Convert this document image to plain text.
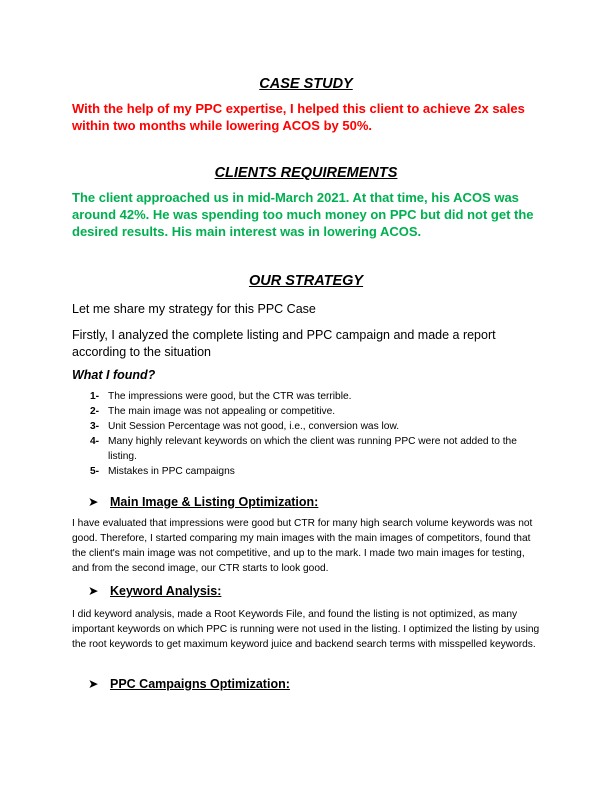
CASE STUDY
With the help of my PPC expertise, I helped this client to achieve 2x sales within two months while lowering ACOS by 50%.
CLIENTS REQUIREMENTS
The client approached us in mid-March 2021. At that time, his ACOS was around 42%. He was spending too much money on PPC but did not get the desired results. His main interest was in lowering ACOS.
OUR STRATEGY
Let me share my strategy for this PPC Case
Firstly, I analyzed the complete listing and PPC campaign and made a report according to the situation
What I found?
1- The impressions were good, but the CTR was terrible.
2- The main image was not appealing or competitive.
3- Unit Session Percentage was not good, i.e., conversion was low.
4- Many highly relevant keywords on which the client was running PPC were not added to the listing.
5- Mistakes in PPC campaigns
➤ Main Image & Listing Optimization:
I have evaluated that impressions were good but CTR for many high search volume keywords was not good. Therefore, I started comparing my main images with the main images of competitors, found that the client's main image was not competitive, and up to the mark. I made two main images for testing, and from the second image, our CTR starts to look good.
➤ Keyword Analysis:
I did keyword analysis, made a Root Keywords File, and found the listing is not optimized, as many important keywords on which PPC is running were not used in the listing. I optimized the listing by using the root keywords to get maximum keyword juice and backend search terms with misspelled keywords.
➤ PPC Campaigns Optimization:
